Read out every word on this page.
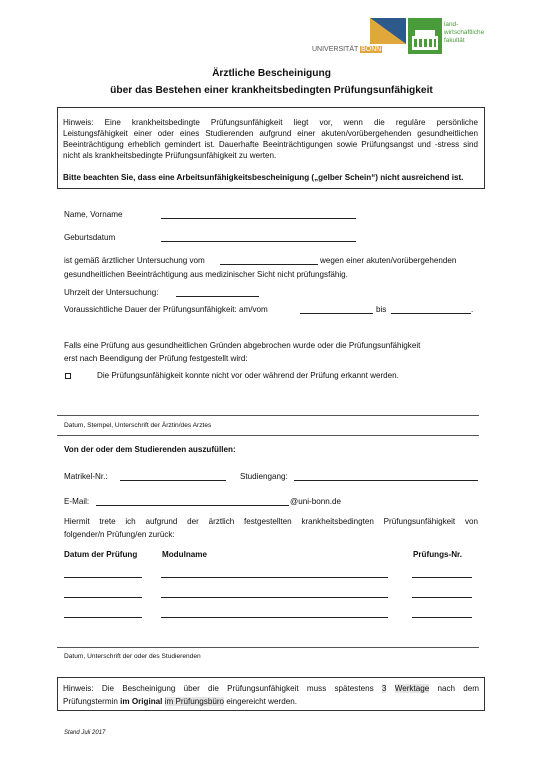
UNIVERSITÄT BONN
land-
wirtschaftliche
fakultät
Ärztliche Bescheinigung
über das Bestehen einer krankheitsbedingten Prüfungsunfähigkeit
Hinweis: Eine krankheitsbedingte Prüfungsunfähigkeit liegt vor, wenn die reguläre persönliche
Leistungsfähigkeit einer oder eines Studierenden aufgrund einer akuten/vorübergehenden gesundheitlichen
Beeinträchtigung erheblich gemindert ist. Dauerhafte Beeinträchtigungen sowie Prüfungsangst und -stress sind
nicht als krankheitsbedingte Prüfungsunfähigkeit zu werten.
Bitte beachten Sie, dass eine Arbeitsunfähigkeitsbescheinigung („gelber Schein“) nicht ausreichend ist.
Name, Vorname
Geburtsdatum
ist gemäß ärztlicher Untersuchung vom	wegen einer akuten/vorübergehenden
gesundheitlichen Beeinträchtigung aus medizinischer Sicht nicht prüfungsfähig.
Uhrzeit der Untersuchung:
Voraussichtliche Dauer der Prüfungsunfähigkeit: am/vom	bis	.
Falls eine Prüfung aus gesundheitlichen Gründen abgebrochen wurde oder die Prüfungsunfähigkeit
erst nach Beendigung der Prüfung festgestellt wird:
Die Prüfungsunfähigkeit konnte nicht vor oder während der Prüfung erkannt werden.
Datum, Stempel, Unterschrift der Ärztin/des Arztes
Von der oder dem Studierenden auszufüllen:
Matrikel-Nr.:	Studiengang:
E-Mail:	@uni-bonn.de
Hiermit trete ich aufgrund der ärztlich festgestellten krankheitsbedingten Prüfungsunfähigkeit von
folgender/n Prüfung/en zurück:
Datum der Prüfung	Modulname	Prüfungs-Nr.
Datum, Unterschrift der oder des Studierenden
Hinweis: Die Bescheinigung über die Prüfungsunfähigkeit muss spätestens 3 Werktage nach dem
Prüfungstermin im Original im Prüfungsbüro eingereicht werden.
Stand Juli 2017
